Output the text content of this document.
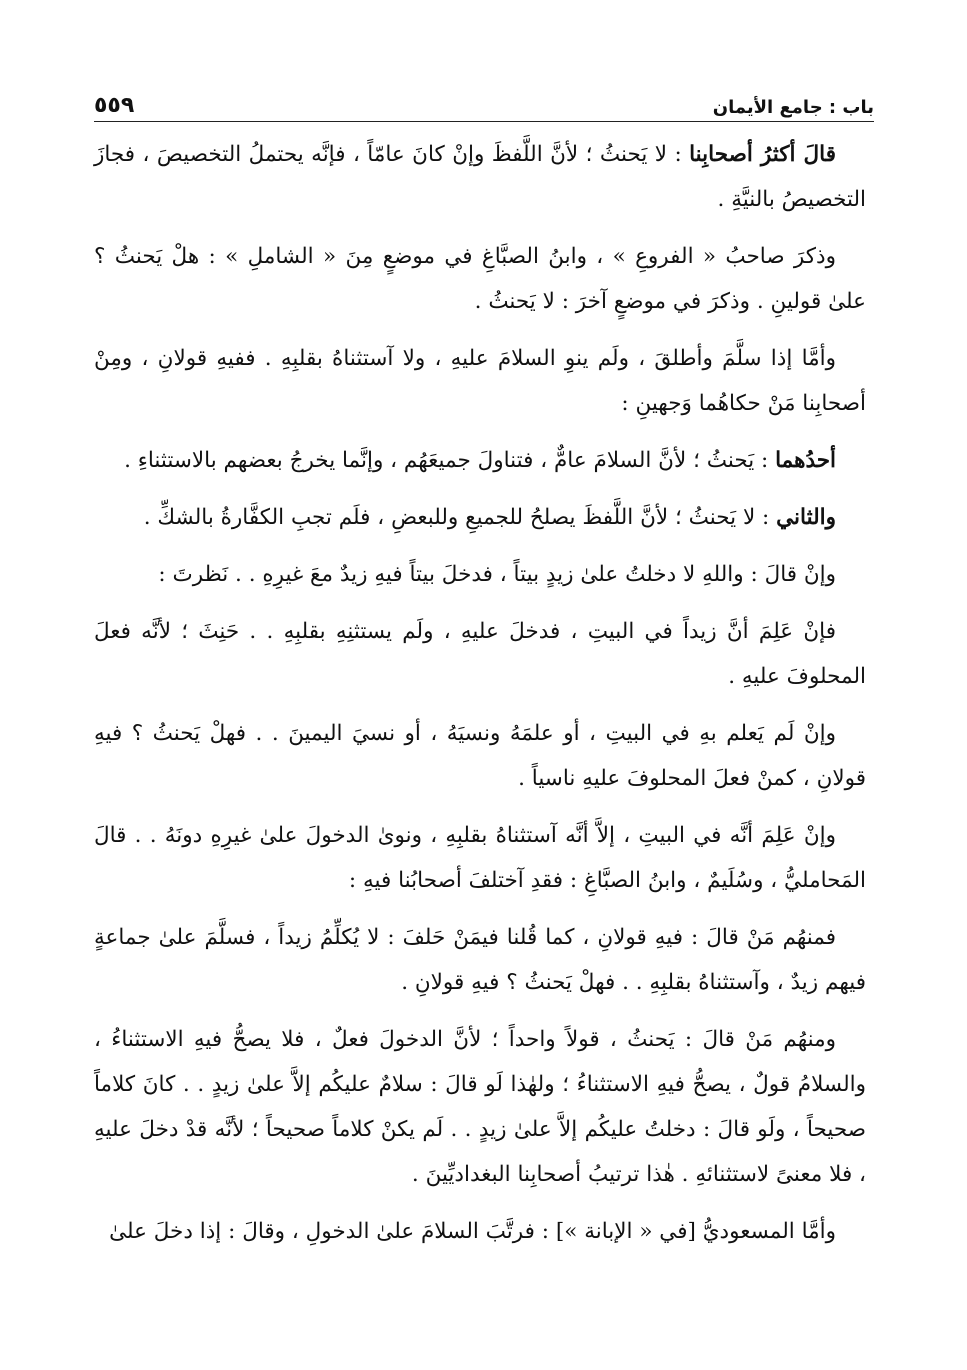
٥٥٩	باب : جامع الأيمان

قالَ أكثرُ أصحابِنا : لا يَحنثُ ؛ لأنَّ اللَّفظَ وإنْ كانَ عامّاً ، فإنَّه يحتملُ التخصيصَ ، فجازَ التخصيصُ بالنيَّةِ .

وذكرَ صاحبُ « الفروعِ » ، وابنُ الصبَّاغِ في موضعٍ مِنَ « الشاملِ » : هلْ يَحنثُ ؟ علىٰ قولينِ . وذكرَ في موضعٍ آخرَ : لا يَحنثُ .

وأمَّا إذا سلَّمَ وأطلقَ ، ولَم ينوِ السلامَ عليهِ ، ولا آستثناهُ بقلبِهِ . ففيهِ قولانِ ، ومِنْ أصحابِنا مَنْ حكاهُما وَجهينِ :

أحدُهما : يَحنثُ ؛ لأنَّ السلامَ عامٌّ ، فتناولَ جميعَهُم ، وإنَّما يخرجُ بعضهم بالاستثناءِ .

والثاني : لا يَحنثُ ؛ لأنَّ اللَّفظَ يصلحُ للجميعِ وللبعضِ ، فلَم تجبِ الكفَّارةُ بالشكِّ .

وإنْ قالَ : واللهِ لا دخلتُ علىٰ زيدٍ بيتاً ، فدخلَ بيتاً فيهِ زيدٌ معَ غيرِهِ . . نَظرتَ :

فإنْ عَلِمَ أنَّ زيداً في البيتِ ، فدخلَ عليهِ ، ولَم يستثنِهِ بقلبِهِ . . حَنِثَ ؛ لأنَّه فعلَ المحلوفَ عليهِ .

وإنْ لَم يَعلم بهِ في البيتِ ، أو علمَهُ ونسيَهُ ، أو نسيَ اليمينَ . . فهلْ يَحنثُ ؟ فيهِ قولانِ ، كمنْ فعلَ المحلوفَ عليهِ ناسياً .

وإنْ عَلِمَ أنَّه في البيتِ ، إلاَّ أنَّه آستثناهُ بقلبِهِ ، ونوىٰ الدخولَ علىٰ غيرِهِ دونَهُ . . قالَ المَحامليُّ ، وسُلَيمٌ ، وابنُ الصبَّاغِ : فقدِ آختلفَ أصحابُنا فيهِ :

فمنهُم مَنْ قالَ : فيهِ قولانِ ، كما قُلنا فيمَنْ حَلفَ : لا يُكلِّمُ زيداً ، فسلَّمَ علىٰ جماعةٍ فيهم زيدٌ ، وآستثناهُ بقلبِهِ . . فهلْ يَحنثُ ؟ فيهِ قولانِ .

ومنهُم مَنْ قالَ : يَحنثُ ، قولاً واحداً ؛ لأنَّ الدخولَ فعلٌ ، فلا يصحُّ فيهِ الاستثناءُ ، والسلامُ قولٌ ، يصحُّ فيهِ الاستثناءُ ؛ ولهٰذا لَو قالَ : سلامٌ عليكُم إلاَّ علىٰ زيدٍ . . كانَ كلاماً صحيحاً ، ولَو قالَ : دخلتُ عليكُم إلاَّ علىٰ زيدٍ . . لَم يكنْ كلاماً صحيحاً ؛ لأنَّه قدْ دخلَ عليهِ ، فلا معنىً لاستثنائهِ . هٰذا ترتيبُ أصحابِنا البغداديِّينَ .

وأمَّا المسعوديُّ [في « الإبانة »] : فرتَّبَ السلامَ علىٰ الدخولِ ، وقالَ : إذا دخلَ علىٰ
